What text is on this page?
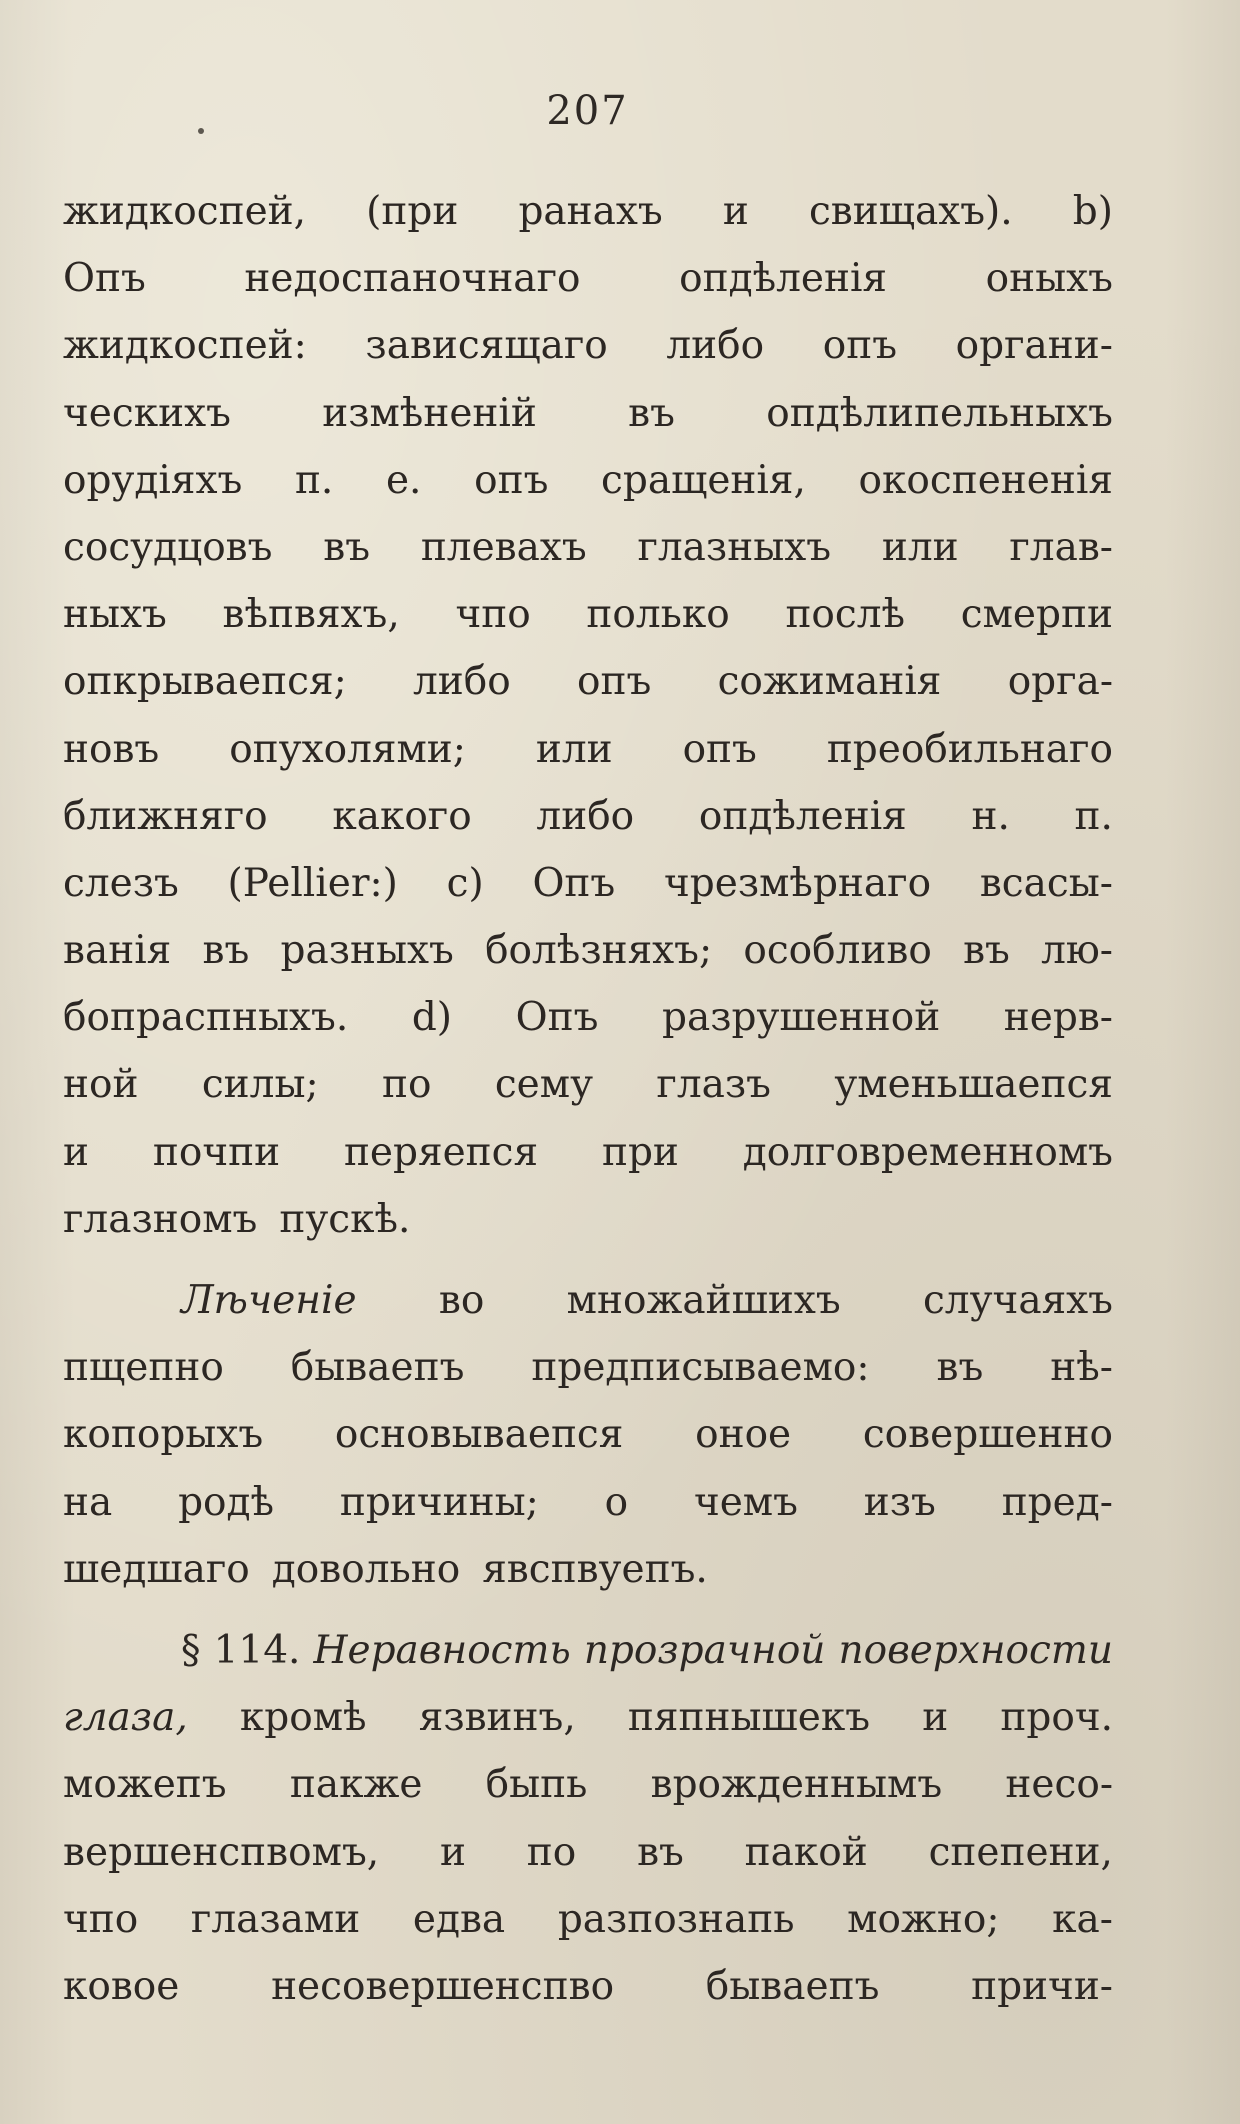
207
жидкоспей, (при ранахъ и свищахъ). b)
Опъ	недоспаночнаго	опдѣленія	оныхъ
жидкоспей: зависящаго либо опъ органи-
ческихъ измѣненій въ опдѣлипельныхъ
орудіяхъ п. е. опъ сращенія, окоспененія
сосудцовъ въ плевахъ глазныхъ или глав-
ныхъ вѣпвяхъ, чпо полько послѣ смерпи
опкрываепся; либо опъ сожиманія орга-
новъ опухолями; или опъ преобильнаго
ближняго какого либо опдѣленія н. п.
слезъ (Pellier:) c) Опъ чрезмѣрнаго всасы-
ванія въ разныхъ болѣзняхъ; особливо въ лю-
бопраспныхъ. d) Опъ разрушенной нерв-
ной силы; по сему глазъ уменьшаепся
и почпи перяепся при долговременномъ
глазномъ пускѣ.
Лѣченіе во множайшихъ случаяхъ
пщепно бываепъ предписываемо: въ нѣ-
копорыхъ основываепся оное совершенно
на родѣ причины; о чемъ изъ пред-
шедшаго довольно явспвуепъ.
§ 114. Неравность прозрачной поверхности
глаза, кромѣ язвинъ, пяпнышекъ и проч.
можепъ пакже быпь врожденнымъ несо-
вершенспвомъ, и по въ пакой спепени,
чпо глазами едва разпознапь можно; ка-
ковое несовершенспво бываепъ причи-
